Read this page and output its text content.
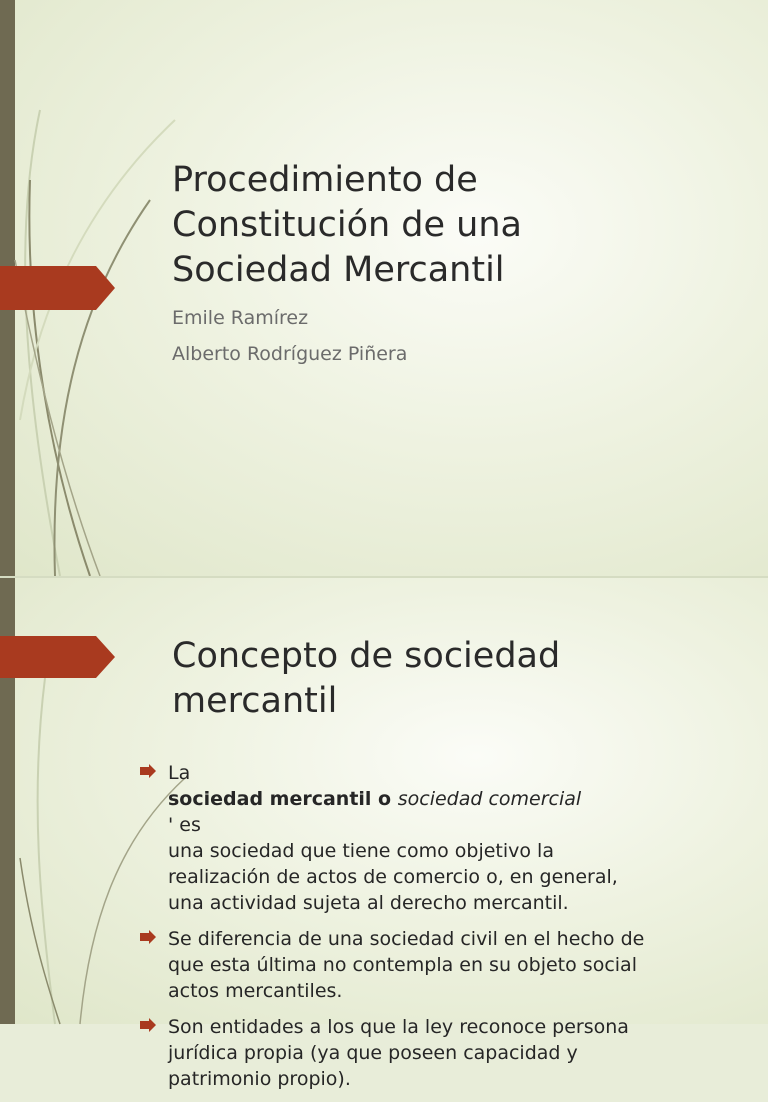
Procedimiento de
Constitución de una
Sociedad Mercantil

Emile Ramírez

Alberto Rodríguez Piñera

Concepto de sociedad
mercantil
La
sociedad mercantil o sociedad comercial
' es
una sociedad que tiene como objetivo la
realización de actos de comercio o, en general,
una actividad sujeta al derecho mercantil.
Se diferencia de una sociedad civil en el hecho de
que esta última no contempla en su objeto social
actos mercantiles.
Son entidades a los que la ley reconoce persona
jurídica propia (ya que poseen capacidad y
patrimonio propio).
